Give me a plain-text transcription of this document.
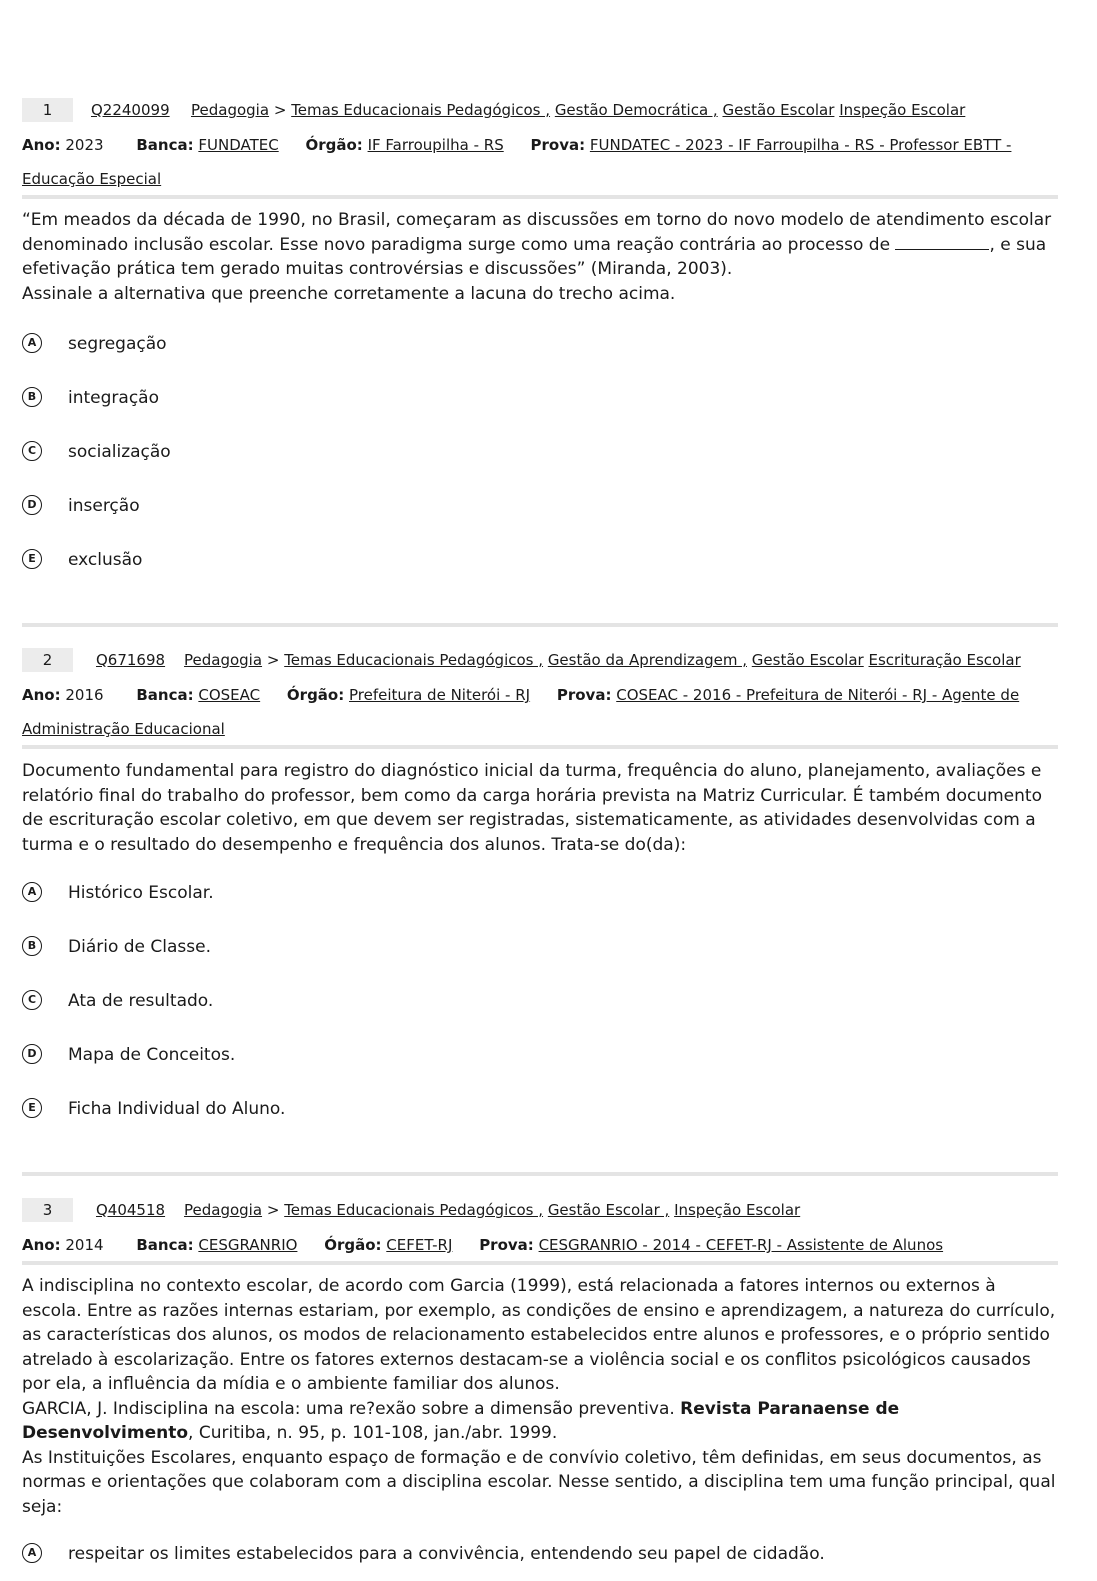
1	Q2240099 Pedagogia > Temas Educacionais Pedagógicos , Gestão Democrática , Gestão Escolar Inspeção Escolar
Ano: 2023 Banca: FUNDATEC Órgão: IF Farroupilha - RS Prova: FUNDATEC - 2023 - IF Farroupilha - RS - Professor EBTT - Educação Especial

“Em meados da década de 1990, no Brasil, começaram as discussões em torno do novo modelo de atendimento escolar denominado inclusão escolar. Esse novo paradigma surge como uma reação contrária ao processo de	, e sua efetivação prática tem gerado muitas controvérsias e discussões” (Miranda, 2003).

Assinale a alternativa que preenche corretamente a lacuna do trecho acima.

A	segregação
B	integração
C	socialização
D	inserção
E	exclusão
2	Q671698 Pedagogia > Temas Educacionais Pedagógicos , Gestão da Aprendizagem , Gestão Escolar Escrituração Escolar
Ano: 2016 Banca: COSEAC Órgão: Prefeitura de Niterói - RJ Prova: COSEAC - 2016 - Prefeitura de Niterói - RJ - Agente de Administração Educacional

Documento fundamental para registro do diagnóstico inicial da turma, frequência do aluno, planejamento, avaliações e relatório final do trabalho do professor, bem como da carga horária prevista na Matriz Curricular. É também documento de escrituração escolar coletivo, em que devem ser registradas, sistematicamente, as atividades desenvolvidas com a turma e o resultado do desempenho e frequência dos alunos. Trata-se do(da):

A	Histórico Escolar.
B	Diário de Classe.
C	Ata de resultado.
D	Mapa de Conceitos.
E	Ficha Individual do Aluno.
3	Q404518 Pedagogia > Temas Educacionais Pedagógicos , Gestão Escolar , Inspeção Escolar
Ano: 2014 Banca: CESGRANRIO Órgão: CEFET-RJ Prova: CESGRANRIO - 2014 - CEFET-RJ - Assistente de Alunos

A indisciplina no contexto escolar, de acordo com Garcia (1999), está relacionada a fatores internos ou externos à escola. Entre as razões internas estariam, por exemplo, as condições de ensino e aprendizagem, a natureza do currículo, as características dos alunos, os modos de relacionamento estabelecidos entre alunos e professores, e o próprio sentido atrelado à escolarização. Entre os fatores externos destacam-se a violência social e os conflitos psicológicos causados por ela, a influência da mídia e o ambiente familiar dos alunos.

GARCIA, J. Indisciplina na escola: uma re?exão sobre a dimensão preventiva. Revista Paranaense de Desenvolvimento, Curitiba, n. 95, p. 101-108, jan./abr. 1999.

As Instituições Escolares, enquanto espaço de formação e de convívio coletivo, têm definidas, em seus documentos, as normas e orientações que colaboram com a disciplina escolar. Nesse sentido, a disciplina tem uma função principal, qual seja:

A	respeitar os limites estabelecidos para a convivência, entendendo seu papel de cidadão.
